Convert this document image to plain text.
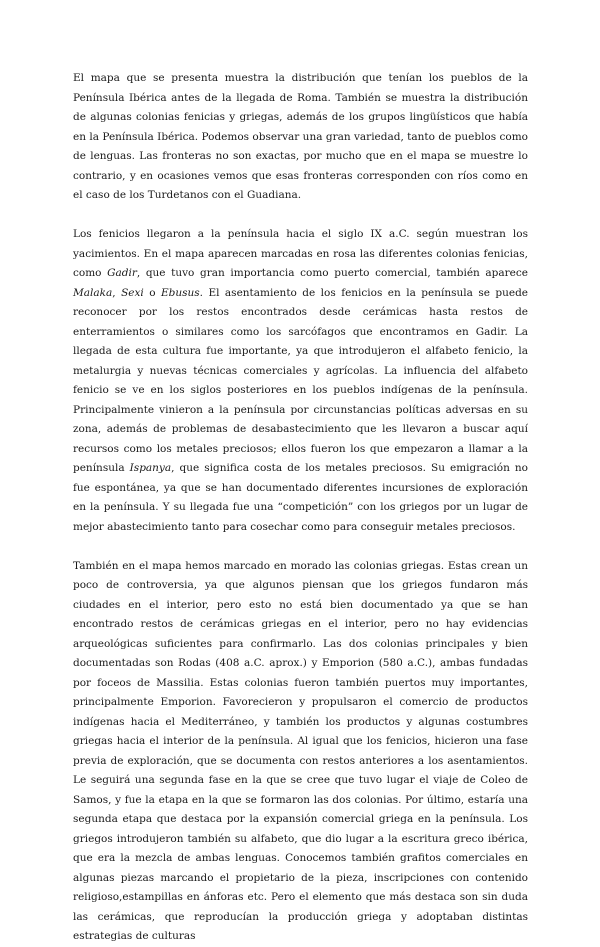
El mapa que se presenta muestra la distribución que tenían los pueblos de la Península Ibérica antes de la llegada de Roma. También se muestra la distribución de algunas colonias fenicias y griegas, además de los grupos lingüísticos que había en la Península Ibérica. Podemos observar una gran variedad, tanto de pueblos como de lenguas. Las fronteras no son exactas, por mucho que en el mapa se muestre lo contrario, y en ocasiones vemos que esas fronteras corresponden con ríos como en el caso de los Turdetanos con el Guadiana.

Los fenicios llegaron a la península hacia el siglo IX a.C. según muestran los yacimientos. En el mapa aparecen marcadas en rosa las diferentes colonias fenicias, como Gadir, que tuvo gran importancia como puerto comercial, también aparece Malaka, Sexi o Ebusus. El asentamiento de los fenicios en la península se puede reconocer por los restos encontrados desde cerámicas hasta restos de enterramientos o similares como los sarcófagos que encontramos en Gadir. La llegada de esta cultura fue importante, ya que introdujeron el alfabeto fenicio, la metalurgia y nuevas técnicas comerciales y agrícolas. La influencia del alfabeto fenicio se ve en los siglos posteriores en los pueblos indígenas de la península. Principalmente vinieron a la península por circunstancias políticas adversas en su zona, además de problemas de desabastecimiento que les llevaron a buscar aquí recursos como los metales preciosos; ellos fueron los que empezaron a llamar a la península Ispanya, que significa costa de los metales preciosos. Su emigración no fue espontánea, ya que se han documentado diferentes incursiones de exploración en la península. Y su llegada fue una “competición” con los griegos por un lugar de mejor abastecimiento tanto para cosechar como para conseguir metales preciosos.

También en el mapa hemos marcado en morado las colonias griegas. Estas crean un poco de controversia, ya que algunos piensan que los griegos fundaron más ciudades en el interior, pero esto no está bien documentado ya que se han encontrado restos de cerámicas griegas en el interior, pero no hay evidencias arqueológicas suficientes para confirmarlo. Las dos colonias principales y bien documentadas son Rodas (408 a.C. aprox.) y Emporion (580 a.C.), ambas fundadas por foceos de Massilia. Estas colonias fueron también puertos muy importantes, principalmente Emporion. Favorecieron y propulsaron el comercio de productos indígenas hacia el Mediterráneo, y también los productos y algunas costumbres griegas hacia el interior de la península. Al igual que los fenicios, hicieron una fase previa de exploración, que se documenta con restos anteriores a los asentamientos. Le seguirá una segunda fase en la que se cree que tuvo lugar el viaje de Coleo de Samos, y fue la etapa en la que se formaron las dos colonias. Por último, estaría una segunda etapa que destaca por la expansión comercial griega en la península. Los griegos introdujeron también su alfabeto, que dio lugar a la escritura greco ibérica, que era la mezcla de ambas lenguas. Conocemos también grafitos comerciales en algunas piezas marcando el propietario de la pieza, inscripciones con contenido religioso,estampillas en ánforas etc. Pero el elemento que más destaca son sin duda las cerámicas, que reproducían la producción griega y adoptaban distintas estrategias de culturas
